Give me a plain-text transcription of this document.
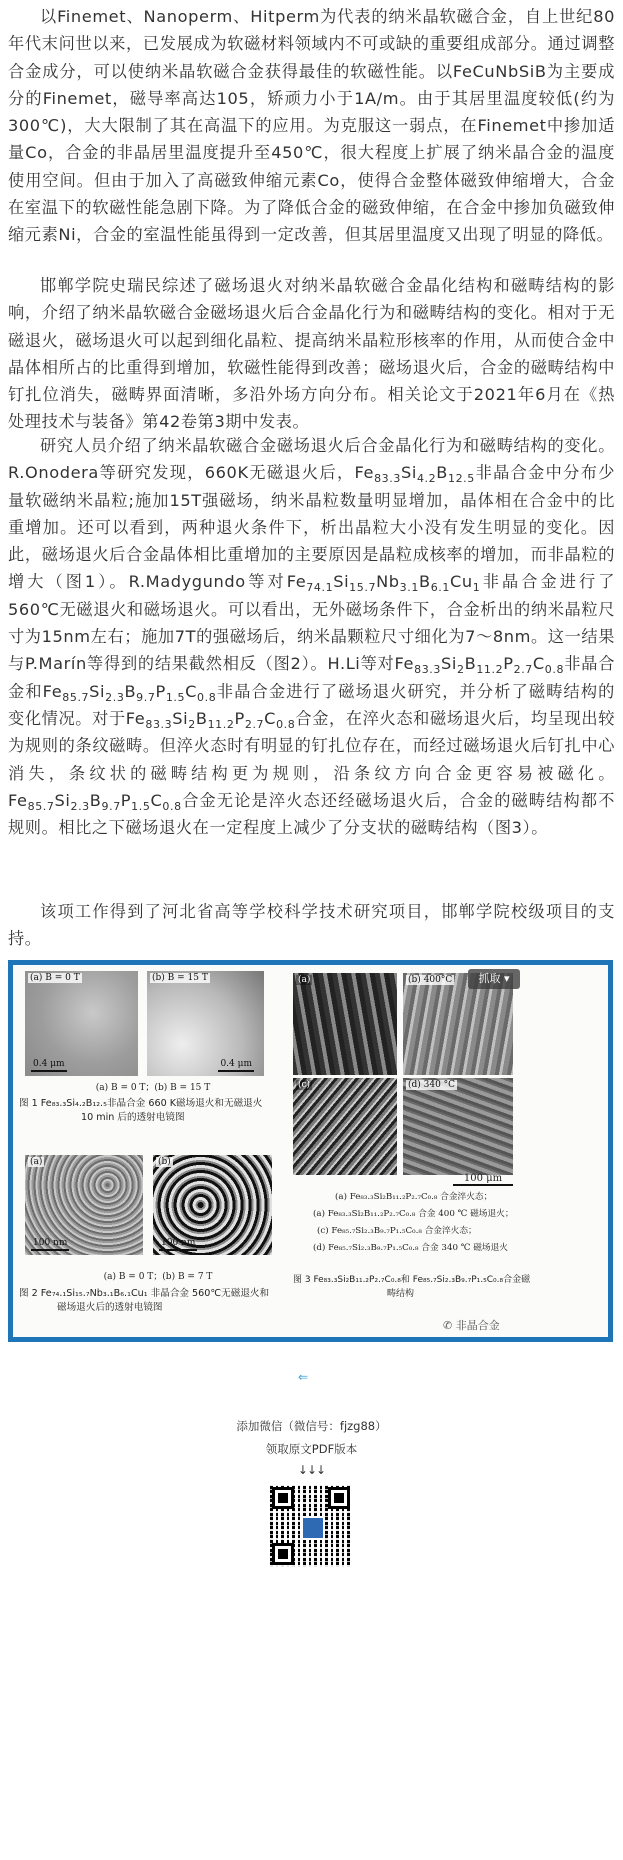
以Finemet、Nanoperm、Hitperm为代表的纳米晶软磁合金，自上世纪80年代末问世以来，已发展成为软磁材料领域内不可或缺的重要组成部分。通过调整合金成分，可以使纳米晶软磁合金获得最佳的软磁性能。以FeCuNbSiB为主要成分的Finemet，磁导率高达105，矫顽力小于1A/m。由于其居里温度较低(约为300℃)，大大限制了其在高温下的应用。为克服这一弱点，在Finemet中掺加适量Co，合金的非晶居里温度提升至450℃，很大程度上扩展了纳米晶合金的温度使用空间。但由于加入了高磁致伸缩元素Co，使得合金整体磁致伸缩增大，合金在室温下的软磁性能急剧下降。为了降低合金的磁致伸缩，在合金中掺加负磁致伸缩元素Ni，合金的室温性能虽得到一定改善，但其居里温度又出现了明显的降低。

邯郸学院史瑞民综述了磁场退火对纳米晶软磁合金晶化结构和磁畴结构的影响，介绍了纳米晶软磁合金磁场退火后合金晶化行为和磁畴结构的变化。相对于无磁退火，磁场退火可以起到细化晶粒、提高纳米晶粒形核率的作用，从而使合金中晶体相所占的比重得到增加，软磁性能得到改善；磁场退火后，合金的磁畴结构中钉扎位消失，磁畴界面清晰，多沿外场方向分布。相关论文于2021年6月在《热处理技术与装备》第42卷第3期中发表。

研究人员介绍了纳米晶软磁合金磁场退火后合金晶化行为和磁畴结构的变化。R.Onodera等研究发现，660K无磁退火后，$Fe_{83.3}Si_{4.2}B_{12.5}$非晶合金中分布少量软磁纳米晶粒;施加15T强磁场，纳米晶粒数量明显增加，晶体相在合金中的比重增加。还可以看到，两种退火条件下，析出晶粒大小没有发生明显的变化。因此，磁场退火后合金晶体相比重增加的主要原因是晶粒成核率的增加，而非晶粒的增大（图1）。R.Madygundo等对$Fe_{74.1}Si_{15.7}Nb_{3.1}B_{6.1}Cu_1$非晶合金进行了560℃无磁退火和磁场退火。可以看出，无外磁场条件下，合金析出的纳米晶粒尺寸为15nm左右；施加7T的强磁场后，纳米晶颗粒尺寸细化为7～8nm。这一结果与P.Marín等得到的结果截然相反（图2）。H.Li等对$Fe_{83.3}Si_2B_{11.2}P_{2.7}C_{0.8}$非晶合金和$Fe_{85.7}Si_{2.3}B_{9.7}P_{1.5}C_{0.8}$非晶合金进行了磁场退火研究，并分析了磁畴结构的变化情况。对于$Fe_{83.3}Si_2B_{11.2}P_{2.7}C_{0.8}$合金，在淬火态和磁场退火后，均呈现出较为规则的条纹磁畴。但淬火态时有明显的钉扎位存在，而经过磁场退火后钉扎中心消失，条纹状的磁畴结构更为规则，沿条纹方向合金更容易被磁化。$Fe_{85.7}Si_{2.3}B_{9.7}P_{1.5}C_{0.8}$合金无论是淬火态还经磁场退火后，合金的磁畴结构都不规则。相比之下磁场退火在一定程度上减少了分支状的磁畴结构（图3）。

该项工作得到了河北省高等学校科学技术研究项目，邯郸学院校级项目的支持。

(a) B = 0 T
0.4 μm
(b) B = 15 T
0.4 μm
(a) B = 0 T；(b) B = 15 T
图 1 Fe₈₃.₃Si₄.₂B₁₂.₅非晶合金 660 K磁场退火和无磁退火
10 min 后的透射电镜图
(a)
100 nm
(b)
100 nm
(a) B = 0 T；(b) B = 7 T
图 2 Fe₇₄.₁Si₁₅.₇Nb₃.₁B₆.₁Cu₁ 非晶合金 560℃无磁退火和
磁场退火后的透射电镜图
(a)	(b) 400°C
(c)	(d) 340 °C
100 μm
(a) Fe₈₃.₃Si₂B₁₁.₂P₂.₇C₀.₈ 合金淬火态；
(a) Fe₈₃.₃Si₂B₁₁.₂P₂.₇C₀.₈ 合金 400 ℃ 磁场退火；
(c) Fe₈₅.₇Si₂.₃B₉.₇P₁.₅C₀.₈ 合金淬火态；
(d) Fe₈₅.₇Si₂.₃B₉.₇P₁.₅C₀.₈ 合金 340 ℃ 磁场退火
图 3 Fe₈₃.₃Si₂B₁₁.₂P₂.₇C₀.₈和 Fe₈₅.₇Si₂.₃B₉.₇P₁.₅C₀.₈合金磁
畴结构
抓取 ▾
✆ 非晶合金
⇐
添加微信（微信号：fjzg88）
领取原文PDF版本
↓↓↓
